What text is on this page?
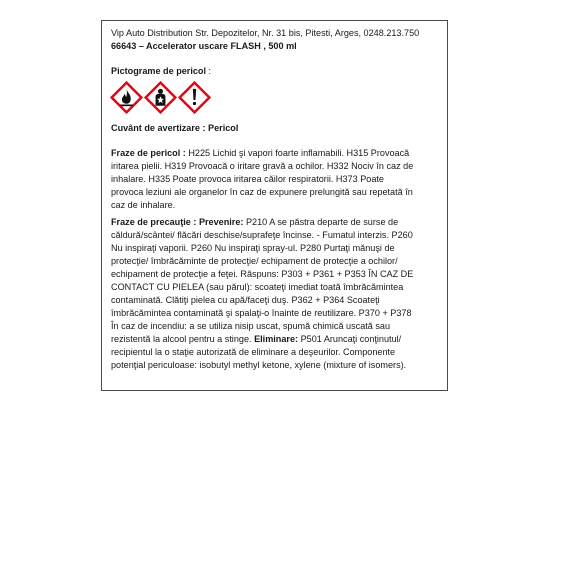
Vip Auto Distribution Str. Depozitelor, Nr. 31 bis, Pitesti, Arges, 0248.213.750

66643 – Accelerator uscare FLASH , 500 ml

Pictograme de pericol :

Cuvânt de avertizare : Pericol

Fraze de pericol : H225 Lichid şi vapori foarte inflamabili. H315 Provoacă

iritarea pielii. H319 Provoacă o iritare gravă a ochilor. H332 Nociv în caz de

inhalare. H335 Poate provoca iritarea căilor respiratorii. H373 Poate

provoca leziuni ale organelor în caz de expunere prelungită sau repetată în

caz de inhalare.

Fraze de precauţie : Prevenire: P210 A se păstra departe de surse de

căldură/scântei/ flăcări deschise/suprafeţe încinse. - Fumatul interzis. P260

Nu inspiraţi vaporii. P260 Nu inspiraţi spray-ul. P280 Purtaţi mănuşi de

protecţie/ îmbrăcăminte de protecţie/ echipament de protecţie a ochilor/

echipament de protecţie a feţei. Răspuns: P303 + P361 + P353 ÎN CAZ DE

CONTACT CU PIELEA (sau părul): scoateţi imediat toată îmbrăcămintea

contaminată. Clătiţi pielea cu apă/faceţi duş. P362 + P364 Scoateţi

îmbrăcămintea contaminată şi spalaţi-o înainte de reutilizare. P370 + P378

În caz de incendiu: a se utiliza nisip uscat, spumă chimică uscată sau

rezistentă la alcool pentru a stinge. Eliminare: P501 Aruncaţi conţinutul/

recipientul la o staţie autorizată de eliminare a deşeurilor. Componente

potenţial periculoase: isobutyl methyl ketone, xylene (mixture of isomers).
